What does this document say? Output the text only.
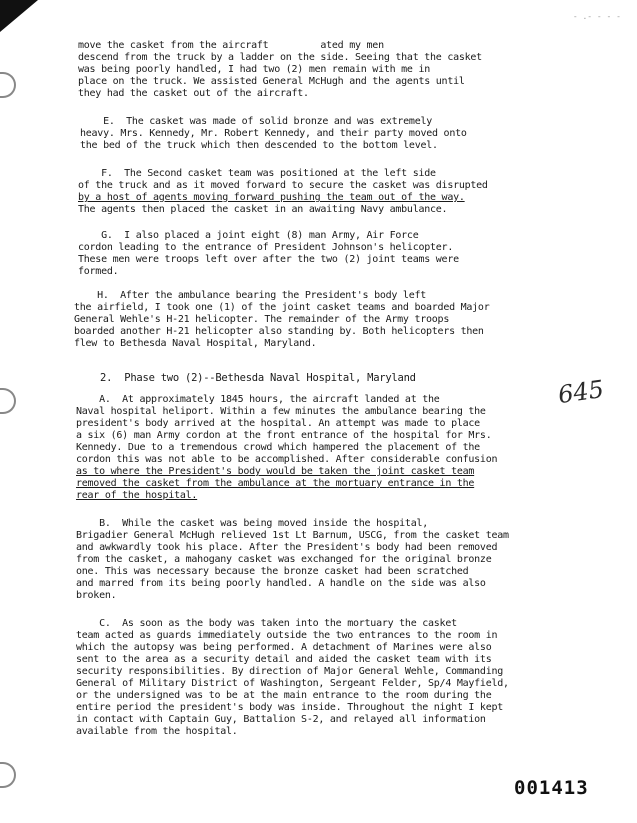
- .- - - -
645
move the casket from the aircraft         ated my men
descend from the truck by a ladder on the side. Seeing that the casket
was being poorly handled, I had two (2) men remain with me in
place on the truck. We assisted General McHugh and the agents until
they had the casket out of the aircraft.
E.  The casket was made of solid bronze and was extremely
heavy. Mrs. Kennedy, Mr. Robert Kennedy, and their party moved onto
the bed of the truck which then descended to the bottom level.
F.  The Second casket team was positioned at the left side
of the truck and as it moved forward to secure the casket was disrupted
by a host of agents moving forward pushing the team out of the way.
The agents then placed the casket in an awaiting Navy ambulance.
G.  I also placed a joint eight (8) man Army, Air Force
cordon leading to the entrance of President Johnson's helicopter.
These men were troops left over after the two (2) joint teams were
formed.
H.  After the ambulance bearing the President's body left
the airfield, I took one (1) of the joint casket teams and boarded Major
General Wehle's H-21 helicopter. The remainder of the Army troops
boarded another H-21 helicopter also standing by. Both helicopters then
flew to Bethesda Naval Hospital, Maryland.
2.  Phase two (2)--Bethesda Naval Hospital, Maryland
A.  At approximately 1845 hours, the aircraft landed at the
Naval hospital heliport. Within a few minutes the ambulance bearing the
president's body arrived at the hospital. An attempt was made to place
a six (6) man Army cordon at the front entrance of the hospital for Mrs.
Kennedy. Due to a tremendous crowd which hampered the placement of the
cordon this was not able to be accomplished. After considerable confusion
as to where the President's body would be taken the joint casket team
removed the casket from the ambulance at the mortuary entrance in the
rear of the hospital.
B.  While the casket was being moved inside the hospital,
Brigadier General McHugh relieved 1st Lt Barnum, USCG, from the casket team
and awkwardly took his place. After the President's body had been removed
from the casket, a mahogany casket was exchanged for the original bronze
one. This was necessary because the bronze casket had been scratched
and marred from its being poorly handled. A handle on the side was also
broken.
C.  As soon as the body was taken into the mortuary the casket
team acted as guards immediately outside the two entrances to the room in
which the autopsy was being performed. A detachment of Marines were also
sent to the area as a security detail and aided the casket team with its
security responsibilities. By direction of Major General Wehle, Commanding
General of Military District of Washington, Sergeant Felder, Sp/4 Mayfield,
or the undersigned was to be at the main entrance to the room during the
entire period the president's body was inside. Throughout the night I kept
in contact with Captain Guy, Battalion S-2, and relayed all information
available from the hospital.
001413
